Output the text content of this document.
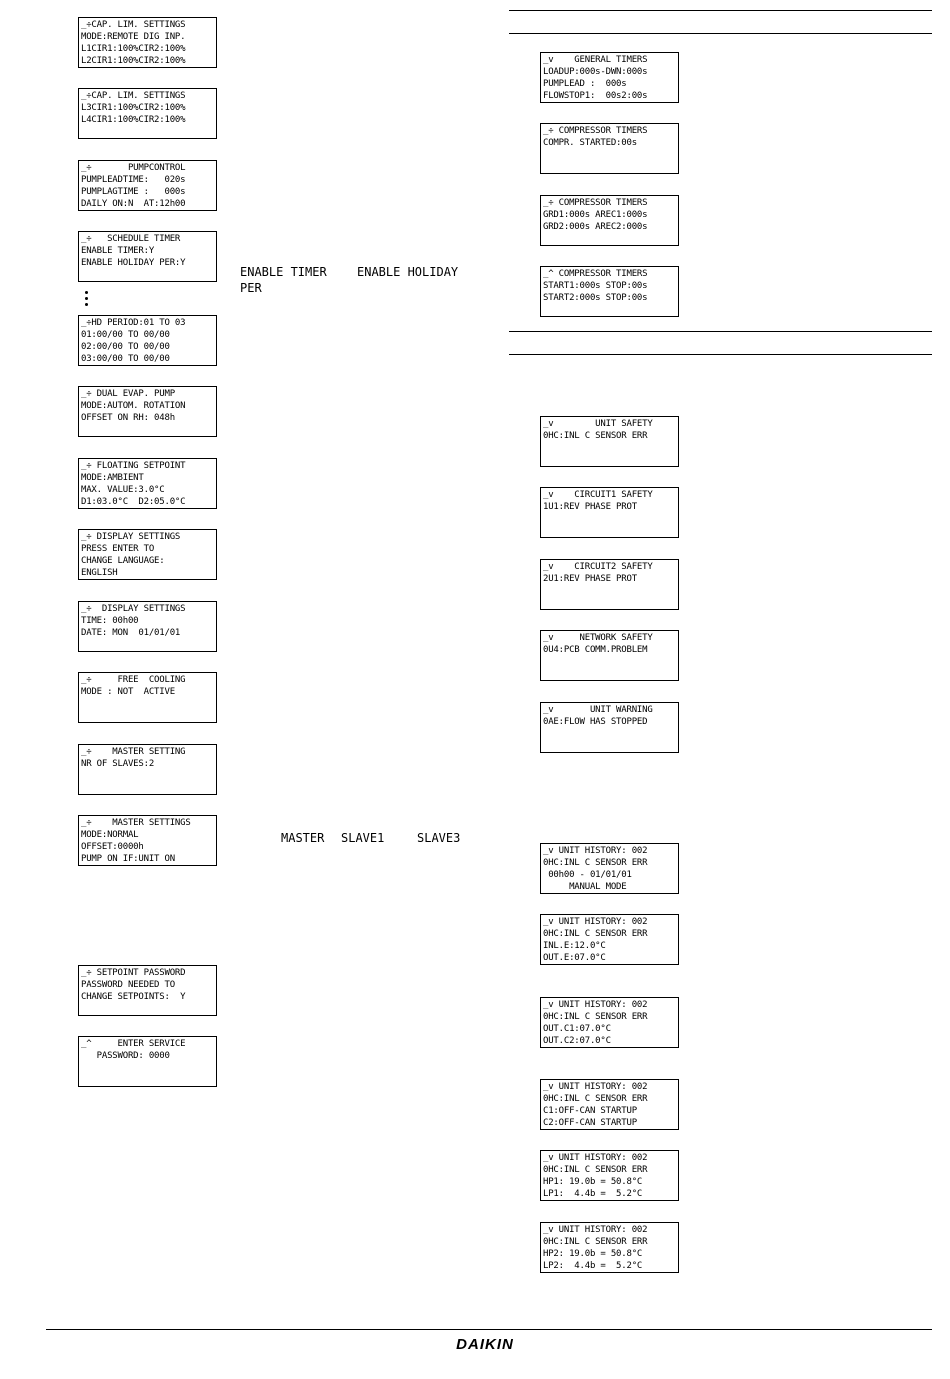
_÷CAP. LIM. SETTINGS
MODE:REMOTE DIG INP.
L1CIR1:100%CIR2:100%
L2CIR1:100%CIR2:100%
_÷CAP. LIM. SETTINGS
L3CIR1:100%CIR2:100%
L4CIR1:100%CIR2:100%
_÷       PUMPCONTROL
PUMPLEADTIME:   020s
PUMPLAGTIME :   000s
DAILY ON:N  AT:12h00
_÷   SCHEDULE TIMER
ENABLE TIMER:Y
ENABLE HOLIDAY PER:Y
_÷HD PERIOD:01 TO 03
01:00/00 TO 00/00
02:00/00 TO 00/00
03:00/00 TO 00/00
_÷ DUAL EVAP. PUMP
MODE:AUTOM. ROTATION
OFFSET ON RH: 048h
_÷ FLOATING SETPOINT
MODE:AMBIENT
MAX. VALUE:3.0°C
D1:03.0°C  D2:05.0°C
_÷ DISPLAY SETTINGS
PRESS ENTER TO
CHANGE LANGUAGE:
ENGLISH
_÷  DISPLAY SETTINGS
TIME: 00h00
DATE: MON  01/01/01
_÷     FREE  COOLING
MODE : NOT  ACTIVE
_÷    MASTER SETTING
NR OF SLAVES:2
_÷    MASTER SETTINGS
MODE:NORMAL
OFFSET:0000h
PUMP ON IF:UNIT ON
_÷ SETPOINT PASSWORD
PASSWORD NEEDED TO
CHANGE SETPOINTS:  Y
_^     ENTER SERVICE
PASSWORD: 0000
_v    GENERAL TIMERS
LOADUP:000s-DWN:000s
PUMPLEAD :  000s
FLOWSTOP1:  00s2:00s
_÷ COMPRESSOR TIMERS
COMPR. STARTED:00s
_÷ COMPRESSOR TIMERS
GRD1:000s AREC1:000s
GRD2:000s AREC2:000s
_^ COMPRESSOR TIMERS
START1:000s STOP:00s
START2:000s STOP:00s
_v        UNIT SAFETY
0HC:INL C SENSOR ERR
_v    CIRCUIT1 SAFETY
1U1:REV PHASE PROT
_v    CIRCUIT2 SAFETY
2U1:REV PHASE PROT
_v     NETWORK SAFETY
0U4:PCB COMM.PROBLEM
_v       UNIT WARNING
0AE:FLOW HAS STOPPED
_v UNIT HISTORY: 002
0HC:INL C SENSOR ERR
00h00 - 01/01/01
MANUAL MODE
_v UNIT HISTORY: 002
0HC:INL C SENSOR ERR
INL.E:12.0°C
OUT.E:07.0°C
_v UNIT HISTORY: 002
0HC:INL C SENSOR ERR
OUT.C1:07.0°C
OUT.C2:07.0°C
_v UNIT HISTORY: 002
0HC:INL C SENSOR ERR
C1:OFF-CAN STARTUP
C2:OFF-CAN STARTUP
_v UNIT HISTORY: 002
0HC:INL C SENSOR ERR
HP1: 19.0b = 50.8°C
LP1:  4.4b =  5.2°C
_v UNIT HISTORY: 002
0HC:INL C SENSOR ERR
HP2: 19.0b = 50.8°C
LP2:  4.4b =  5.2°C
ENABLE TIMER	ENABLE HOLIDAY
PER
MASTER SLAVE1	SLAVE3
DAIKIN
